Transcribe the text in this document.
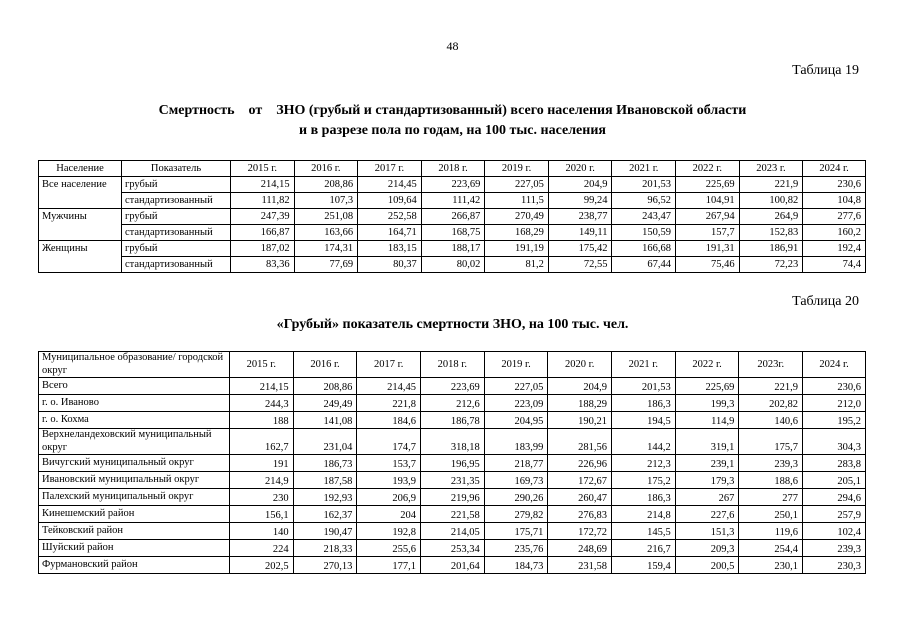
48
Таблица 19
Смертность    от    ЗНО (грубый и стандартизованный) всего населения Ивановской области
и в разрезе пола по годам, на 100 тыс. населения
Население	Показатель	2015 г.	2016 г.	2017 г.	2018 г.	2019 г.	2020 г.	2021 г.	2022 г.	2023 г.	2024 г.
Все население	грубый	214,15	208,86	214,45	223,69	227,05	204,9	201,53	225,69	221,9	230,6
	стандартизованный	111,82	107,3	109,64	111,42	111,5	99,24	96,52	104,91	100,82	104,8
Мужчины	грубый	247,39	251,08	252,58	266,87	270,49	238,77	243,47	267,94	264,9	277,6
	стандартизованный	166,87	163,66	164,71	168,75	168,29	149,11	150,59	157,7	152,83	160,2
Женщины	грубый	187,02	174,31	183,15	188,17	191,19	175,42	166,68	191,31	186,91	192,4
	стандартизованный	83,36	77,69	80,37	80,02	81,2	72,55	67,44	75,46	72,23	74,4
Таблица 20
«Грубый» показатель смертности ЗНО, на 100 тыс. чел.
Муниципальное образование/ городской округ	2015 г.	2016 г.	2017 г.	2018 г.	2019 г.	2020 г.	2021 г.	2022 г.	2023г.	2024 г.
Всего	214,15	208,86	214,45	223,69	227,05	204,9	201,53	225,69	221,9	230,6
г. о. Иваново	244,3	249,49	221,8	212,6	223,09	188,29	186,3	199,3	202,82	212,0
г. о. Кохма	188	141,08	184,6	186,78	204,95	190,21	194,5	114,9	140,6	195,2
Верхнеландеховский муниципальный округ	162,7	231,04	174,7	318,18	183,99	281,56	144,2	319,1	175,7	304,3
Вичугский муниципальный округ	191	186,73	153,7	196,95	218,77	226,96	212,3	239,1	239,3	283,8
Ивановский муниципальный округ	214,9	187,58	193,9	231,35	169,73	172,67	175,2	179,3	188,6	205,1
Палехский муниципальный округ	230	192,93	206,9	219,96	290,26	260,47	186,3	267	277	294,6
Кинешемский район	156,1	162,37	204	221,58	279,82	276,83	214,8	227,6	250,1	257,9
Тейковский район	140	190,47	192,8	214,05	175,71	172,72	145,5	151,3	119,6	102,4
Шуйский район	224	218,33	255,6	253,34	235,76	248,69	216,7	209,3	254,4	239,3
Фурмановский район	202,5	270,13	177,1	201,64	184,73	231,58	159,4	200,5	230,1	230,3
